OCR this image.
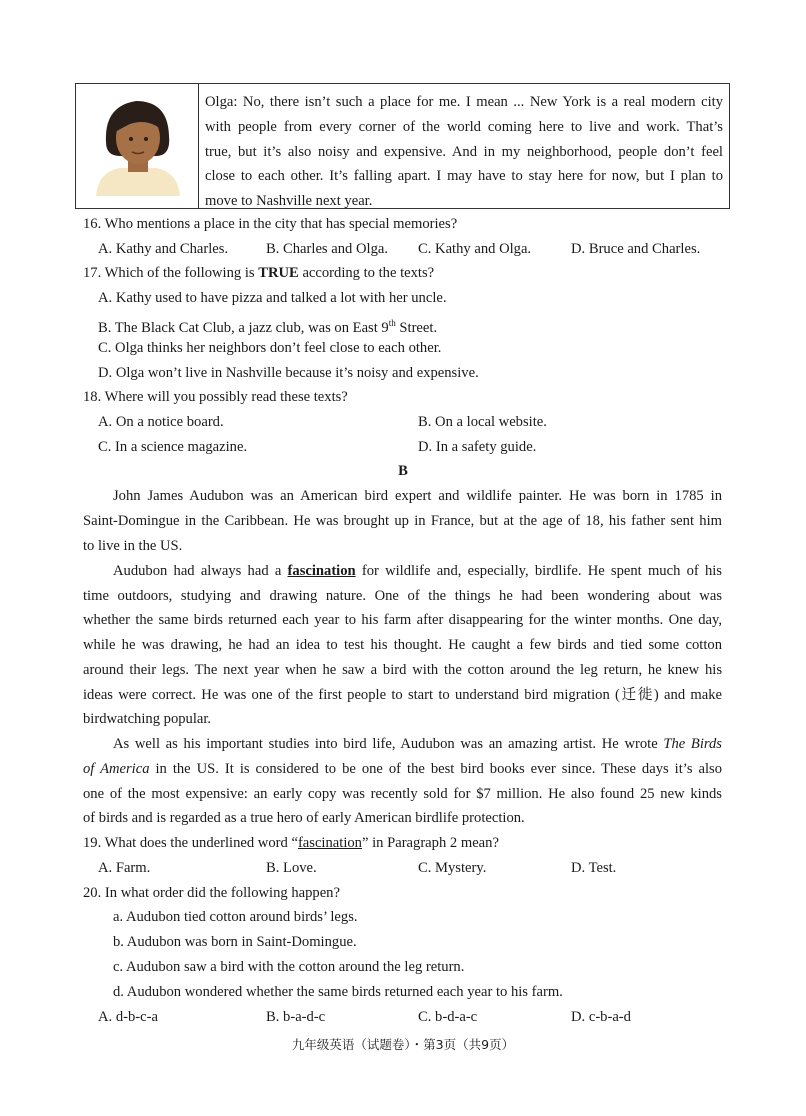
Olga: No, there isn’t such a place for me. I mean ... New York is a real modern city
with people from every corner of the world coming here to live and work. That’s
true, but it’s also noisy and expensive. And in my neighborhood, people don’t feel
close to each other. It’s falling apart. I may have to stay here for now, but I plan to
move to Nashville next year.
16. Who mentions a place in the city that has special memories?
A. Kathy and Charles.	B. Charles and Olga. C. Kathy and Olga.	D. Bruce and Charles.
17. Which of the following is TRUE according to the texts?
A. Kathy used to have pizza and talked a lot with her uncle.
B. The Black Cat Club, a jazz club, was on East 9th Street.
C. Olga thinks her neighbors don’t feel close to each other.
D. Olga won’t live in Nashville because it’s noisy and expensive.
18. Where will you possibly read these texts?
A. On a notice board.	B. On a local website.
C. In a science magazine.	D. In a safety guide.
B
John James Audubon was an American bird expert and wildlife painter. He was born in 1785 in
Saint-Domingue in the Caribbean. He was brought up in France, but at the age of 18, his father sent him
to live in the US.
Audubon had always had a fascination for wildlife and, especially, birdlife. He spent much of his
time outdoors, studying and drawing nature. One of the things he had been wondering about was
whether the same birds returned each year to his farm after disappearing for the winter months. One day,
while he was drawing, he had an idea to test his thought. He caught a few birds and tied some cotton
around their legs. The next year when he saw a bird with the cotton around the leg return, he knew his
ideas were correct. He was one of the first people to start to understand bird migration (迁徙) and make
birdwatching popular.
As well as his important studies into bird life, Audubon was an amazing artist. He wrote The Birds
of America in the US. It is considered to be one of the best bird books ever since. These days it’s also
one of the most expensive: an early copy was recently sold for $7 million. He also found 25 new kinds
of birds and is regarded as a true hero of early American birdlife protection.
19. What does the underlined word “fascination” in Paragraph 2 mean?
A. Farm.	B. Love.	C. Mystery.	D. Test.
20. In what order did the following happen?
a. Audubon tied cotton around birds’ legs.
b. Audubon was born in Saint-Domingue.
c. Audubon saw a bird with the cotton around the leg return.
d. Audubon wondered whether the same birds returned each year to his farm.
A. d-b-c-a	B. b-a-d-c	C. b-d-a-c	D. c-b-a-d
九年级英语（试题卷）・第3页（共9页）
